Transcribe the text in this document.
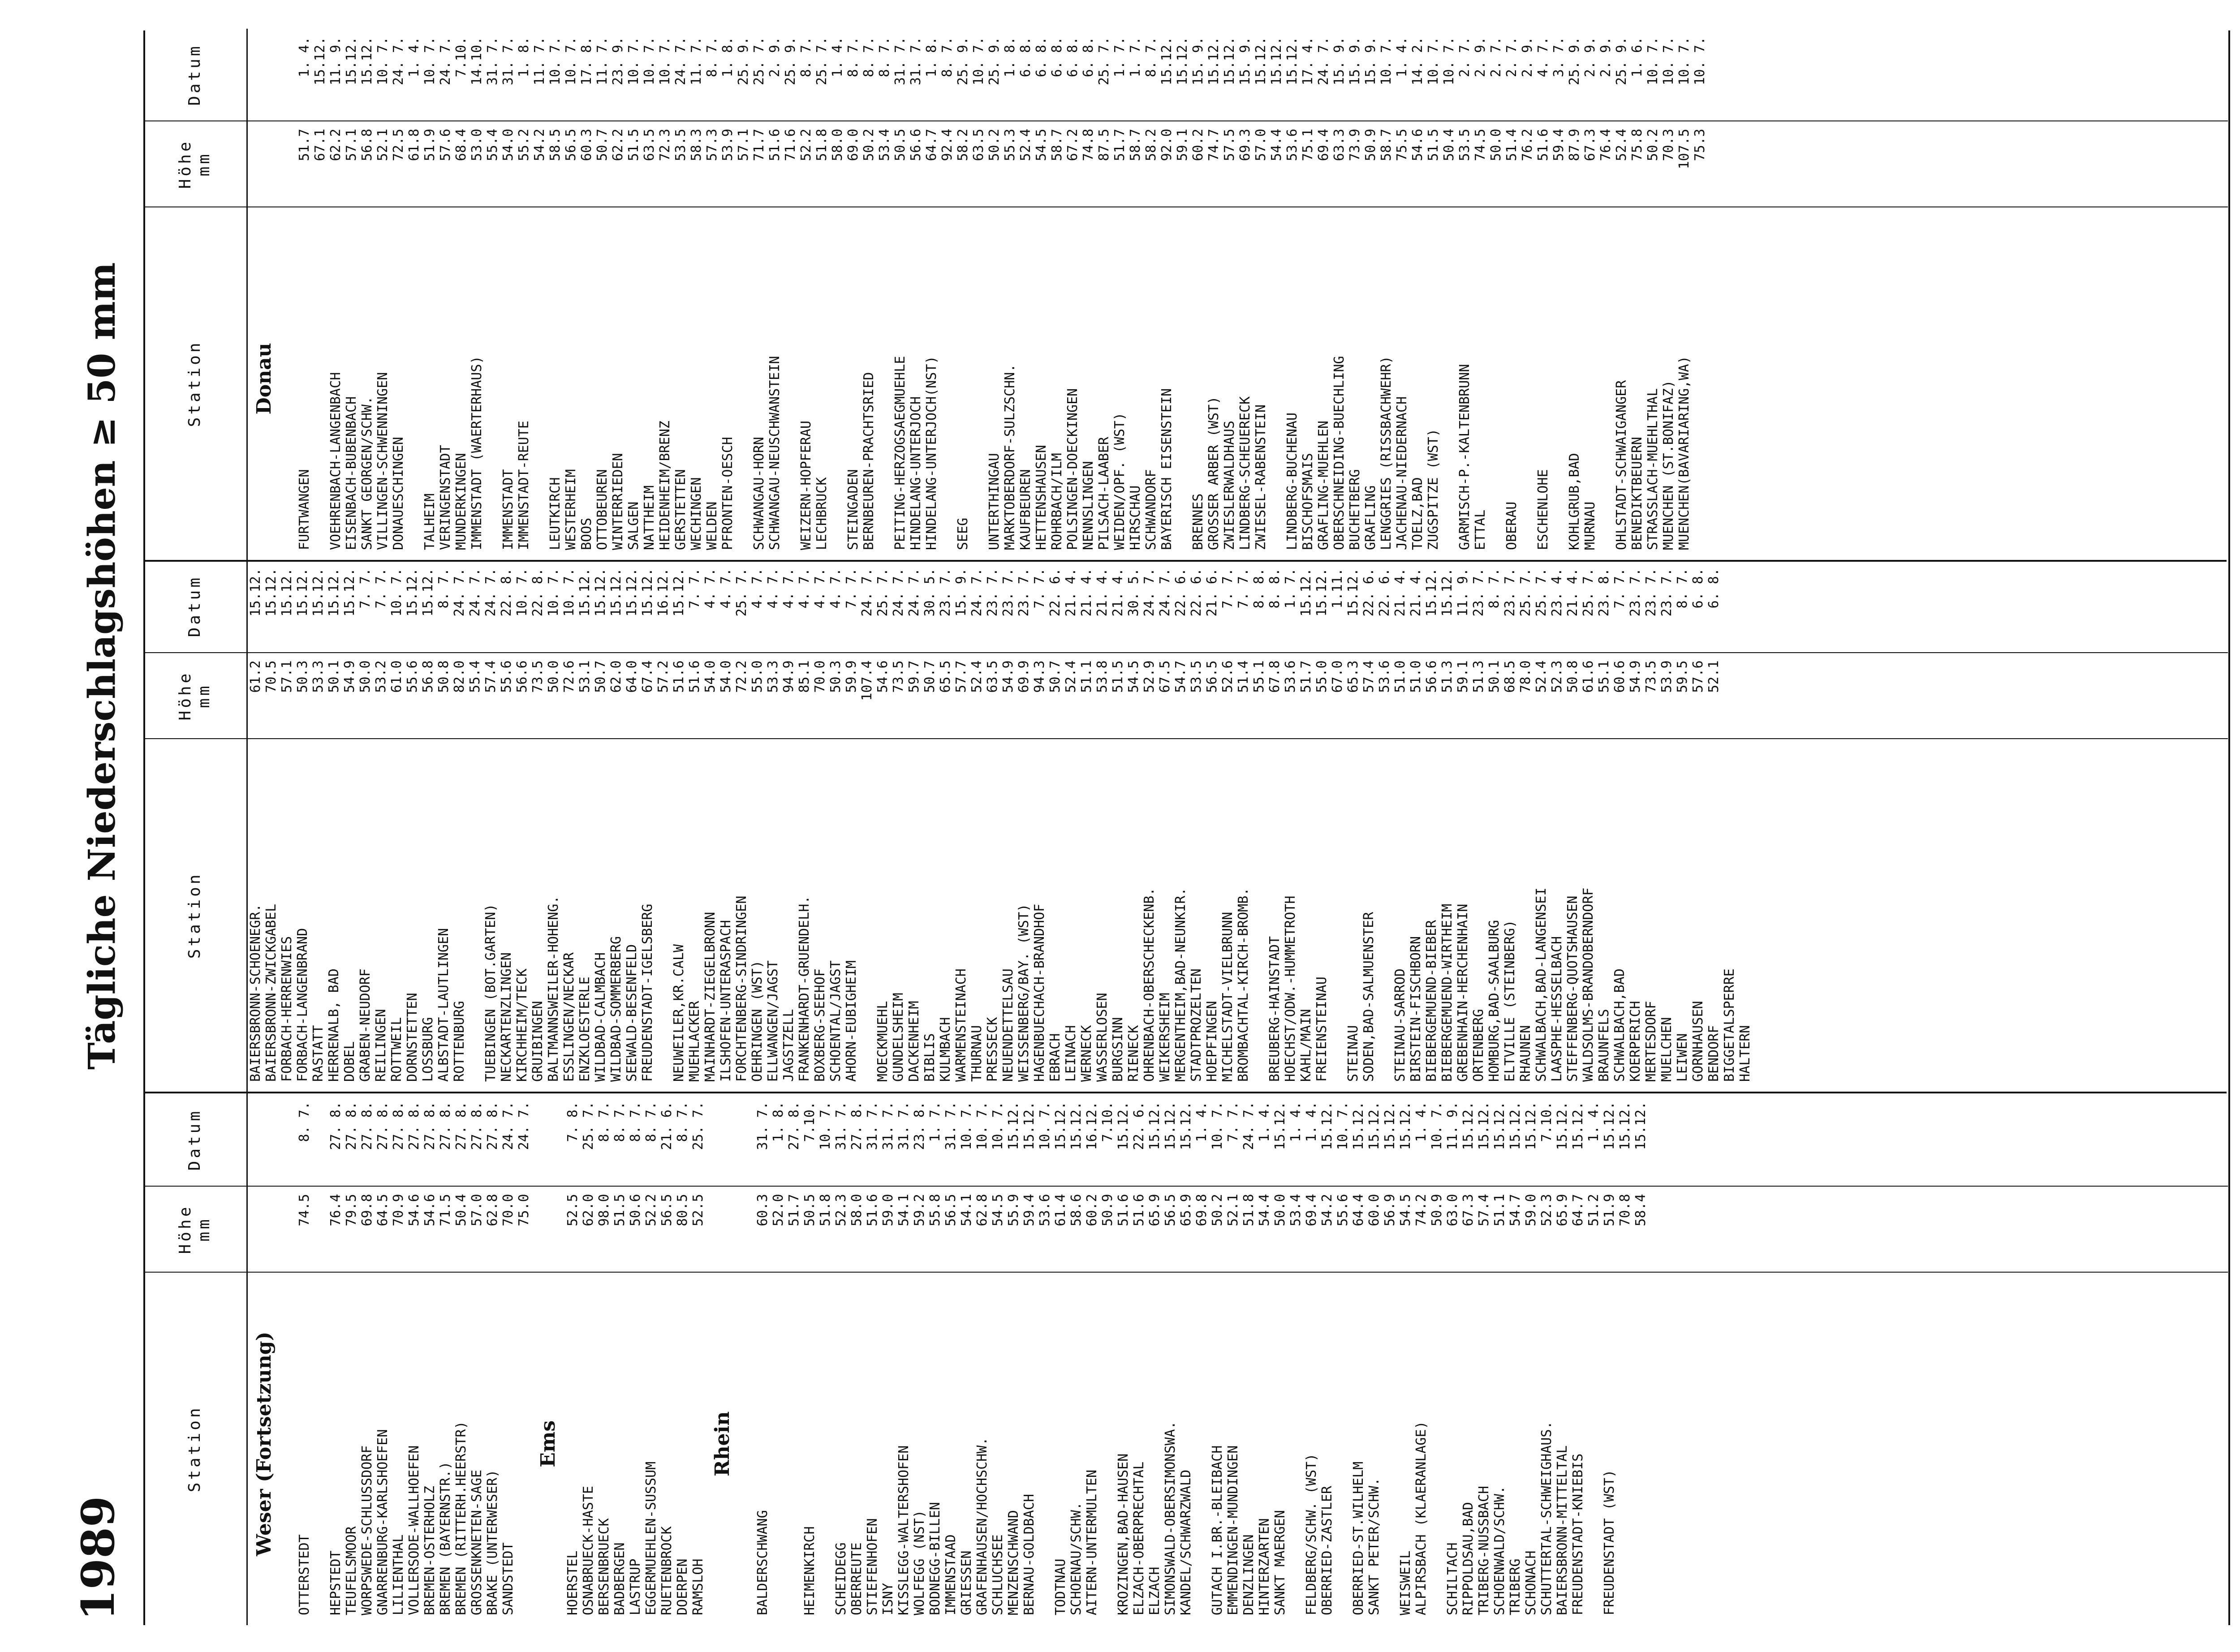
1989
Tägliche Niederschlagshöhen ≥ 50 mm
Station
Höhe mm
Datum
Weser (Fortsetzung)
OTTERSTEDT HEPSTEDT TEUFELSMOOR WORPSWEDE-SCHLUSSDORF GNARRENBURG-KARLSHOEFEN LILIENTHAL VOLLERSODE-WALLHOEFEN BREMEN-OSTERHOLZ BREMEN (BAYERNSTR.) BREMEN (RITTERH.HEERSTR) GROSSENKNETEN-SAGE BRAKE (UNTERWESER) SANDSTEDT
Ems
HOERSTEL OSNABRUECK-HASTE BERSENBRUECK BADBERGEN LASTRUP EGGERMUEHLEN-SUSSUM RUETENBROCK DOERPEN RAMSLOH
Rhein
BALDERSCHWANG HEIMENKIRCH SCHEIDEGG OBERREUTE STIEFENHOFEN ISNY KISSLEGG-WALTERSHOFEN WOLFEGG (NST) BODNEGG-BILLEN IMMENSTAAD GRIESSEN GRAFENHAUSEN/HOCHSCHW. SCHLUCHSEE MENZENSCHWAND BERNAU-GOLDBACH TODTNAU SCHOENAU/SCHW. AITERN-UNTERMULTEN KROZINGEN,BAD-HAUSEN ELZACH-OBERPRECHTAL ELZACH SIMONSWALD-OBERSIMONSWA. KANDEL/SCHWARZWALD GUTACH I.BR.-BLEIBACH EMMENDINGEN-MUNDINGEN DENZLINGEN HINTERZARTEN SANKT MAERGEN FELDBERG/SCHW. (WST) OBERRIED-ZASTLER OBERRIED-ST.WILHELM SANKT PETER/SCHW. WEISWEIL ALPIRSBACH (KLAERANLAGE) SCHILTACH RIPPOLDSAU,BAD TRIBERG-NUSSBACH SCHOENWALD/SCHW. TRIBERG SCHONACH SCHUTTERTAL-SCHWEIGHAUS. BAIERSBRONN-MITTELTAL FREUDENSTADT-KNIEBIS FREUDENSTADT (WST)
74.5 76.4 79.5 69.8 64.5 70.9 54.6 54.6 71.5 50.4 57.0 62.8 70.0 75.0 52.5 62.0 98.0 51.5 50.6 52.2 56.5 80.5 52.5	60.3 52.0 51.7 50.5 51.8 52.3 58.0 51.6 59.0 54.1 59.2 55.8 56.5 54.1 62.8 54.5 55.9 59.4 53.6 61.4 58.6 60.2 50.9 51.6 51.6 65.9 56.5 65.9 69.8 50.2 52.1 51.8 54.4 50.0 53.4 69.4 54.2 55.6 64.4 60.0 56.9 54.5 74.2 50.9 63.0 67.3 57.4 51.1 54.7 59.0 52.3 65.9 64.7 51.2 51.9 70.8 58.4
8. 7. 27. 8. 27. 8. 27. 8. 27. 8. 27. 8. 27. 8. 27. 8. 27. 8. 27. 8. 27. 8. 27. 8. 24. 7. 24. 7. 7. 8. 25. 7. 8. 7. 8. 7. 8. 7. 8. 7. 21. 6. 8. 7. 25. 7.	31. 7. 1. 8. 27. 8. 7.10. 10. 7. 31. 7. 27. 8. 31. 7. 31. 7. 31. 7. 23. 8. 1. 7. 31. 7. 10. 7. 10. 7. 10. 7. 15.12. 15.12. 10. 7. 15.12. 15.12. 16.12. 7.10. 15.12. 22. 6. 15.12. 15.12. 15.12. 1. 4. 10. 7. 7. 7. 24. 7. 1. 4. 15.12. 1. 4. 1. 4. 15.12. 10. 7. 15.12. 15.12. 15.12. 15.12. 1. 4. 10. 7. 11. 9. 15.12. 15.12. 15.12. 15.12. 15.12. 7.10. 15.12. 15.12. 1. 4. 15.12. 15.12. 15.12.
Station
Höhe mm
Datum
BAIERSBRONN-SCHOENEGR. BAIERSBRONN-ZWICKGABEL FORBACH-HERRENWIES FORBACH-LANGENBRAND RASTATT HERRENALB, BAD DOBEL GRABEN-NEUDORF REILINGEN ROTTWEIL DORNSTETTEN LOSSBURG ALBSTADT-LAUTLINGEN ROTTENBURG TUEBINGEN (BOT.GARTEN) NECKARTENZLINGEN KIRCHHEIM/TECK GRUIBINGEN BALTMANNSWEILER-HOHENG. ESSLINGEN/NECKAR ENZKLOESTERLE WILDBAD-CALMBACH WILDBAD-SOMMERBERG SEEWALD-BESENFELD FREUDENSTADT-IGELSBERG NEUWEILER,KR.CALW MUEHLACKER MAINHARDT-ZIEGELBRONN ILSHOFEN-UNTERASPACH FORCHTENBERG-SINDRINGEN OEHRINGEN (WST) ELLWANGEN/JAGST JAGSTZELL FRANKENHARDT-GRUENDELH. BOXBERG-SEEHOF SCHOENTAL/JAGST AHORN-EUBIGHEIM MOECKMUEHL GUNDELSHEIM DACKENHEIM BIBLIS KULMBACH WARMENSTEINACH THURNAU PRESSECK NEUENDETTELSAU WEISSENBERG/BAY. (WST) HAGENBUECHACH-BRANDHOF EBRACH LEINACH WERNECK WASSERLOSEN BURGSINN RIENECK OHRENBACH-OBERSCHECKENB. WEIKERSHEIM MERGENTHEIM,BAD-NEUNKIR. STADTPROZELTEN HOEPFINGEN MICHELSTADT-VIELBRUNN BROMBACHTAL-KIRCH-BROMB. BREUBERG-HAINSTADT HOECHST/ODW.-HUMMETROTH KAHL/MAIN FREIENSTEINAU STEINAU SODEN,BAD-SALMUENSTER STEINAU-SARROD BIRSTEIN-FISCHBORN BIEBERGEMUEND-BIEBER BIEBERGEMUEND-WIRTHEIM GREBENHAIN-HERCHENHAIN ORTENBERG HOMBURG,BAD-SAALBURG ELTVILLE (STEINBERG) RHAUNEN SCHWALBACH,BAD-LANGENSEI LAASPHE-HESSELBACH STEFFENBERG-QUOTSHAUSEN WALDSOLMS-BRANDOBERNDORF BRAUNFELS SCHWALBACH,BAD KOERPERICH MERTESDORF MUELCHEN LEIWEN GORNHAUSEN BENDORF BIGGETALSPERRE HALTERN
61.2 70.5 57.1 50.3 53.3 50.1 54.9 50.0 53.2 61.0 55.6 56.8 50.8 82.0 55.4 57.4 55.6 56.6 73.5 50.0 72.6 53.1 50.7 62.0 64.0 67.4 57.2 51.6 51.6 54.0 54.0 72.2 55.0 53.3 94.9 85.1 70.0 50.3 59.9 107.4 54.6 73.5 59.7 50.7 65.5 57.7 52.4 63.5 54.9 69.9 94.3 50.7 52.4 51.1 53.8 51.5 54.5 52.9 67.5 54.7 53.5 56.5 52.6 51.4 55.1 67.8 53.6 51.7 55.0 67.0 65.3 57.4 53.6 51.0 51.0 56.6 51.3 59.1 51.3 50.1 68.5 78.0 52.4 52.3 50.8 61.6 55.1 60.6 54.9 73.5 53.9 59.5 57.6 52.1
15.12. 15.12. 15.12. 15.12. 15.12. 15.12. 15.12. 7. 7. 7. 7. 10. 7. 15.12. 15.12. 8. 7. 24. 7. 24. 7. 24. 7. 22. 8. 10. 7. 22. 8. 10. 7. 10. 7. 15.12. 15.12. 15.12. 15.12. 15.12. 16.12. 15.12. 7. 7. 4. 7. 4. 7. 25. 7. 4. 7. 4. 7. 4. 7. 4. 7. 4. 7. 4. 7. 7. 7. 24. 7. 25. 7. 24. 7. 24. 7. 30. 5. 23. 7. 15. 9. 24. 7. 23. 7. 23. 7. 23. 7. 7. 7. 22. 6. 21. 4. 21. 4. 21. 4. 21. 4. 30. 5. 24. 7. 24. 7. 22. 6. 22. 6. 21. 6. 7. 7. 7. 7. 8. 8. 8. 8. 1. 7. 15.12. 15.12. 1.11. 15.12. 22. 6. 22. 6. 21. 4. 21. 4. 15.12. 15.12. 11. 9. 23. 7. 8. 7. 23. 7. 25. 7. 25. 7. 23. 4. 21. 4. 25. 7. 23. 8. 7. 7. 23. 7. 23. 7. 23. 7. 8. 7. 6. 8. 6. 8.
Station
Höhe mm
Datum
Donau
FURTWANGEN VOEHRENBACH-LANGENBACH EISENBACH-BUBENBACH SANKT GEORGEN/SCHW. VILLINGEN-SCHWENNINGEN DONAUESCHINGEN TALHEIM VERINGENSTADT MUNDERKINGEN IMMENSTADT (WAERTERHAUS) IMMENSTADT IMMENSTADT-REUTE LEUTKIRCH WESTERHEIM BOOS OTTOBEUREN WINTERRIEDEN SALGEN NATTHEIM HEIDENHEIM/BRENZ GERSTETTEN WECHINGEN WELDEN PFRONTEN-OESCH SCHWANGAU-HORN SCHWANGAU-NEUSCHWANSTEIN WEIZERN-HOPFERAU LECHBRUCK STEINGADEN BERNBEUREN-PRACHTSRIED PEITING-HERZOGSAEGMUEHLE HINDELANG-UNTERJOCH HINDELANG-UNTERJOCH(NST) SEEG UNTERTHINGAU MARKTOBERDORF-SULZSCHN. KAUFBEUREN HETTENSHAUSEN ROHRBACH/ILM POLSINGEN-DOECKINGEN NENNSLINGEN PILSACH-LAABER WEIDEN/OPF. (WST) HIRSCHAU SCHWANDORF BAYERISCH EISENSTEIN BRENNES GROSSER ARBER (WST) ZWIESLERWALDHAUS LINDBERG-SCHEUERECK ZWIESEL-RABENSTEIN LINDBERG-BUCHENAU BISCHOFSMAIS GRAFLING-MUEHLEN OBERSCHNEIDING-BUECHLING BUCHETBERG GRAFLING LENGGRIES (RISSBACHWEHR) JACHENAU-NIEDERNACH TOELZ,BAD ZUGSPITZE (WST) GARMISCH-P.-KALTENBRUNN ETTAL OBERAU ESCHENLOHE KOHLGRUB,BAD MURNAU OHLSTADT-SCHWAIGANGER BENEDIKTBEUERN STRASSLACH-MUEHLTHAL MUENCHEN (ST.BONIFAZ) MUENCHEN(BAVARIARING,WA)
51.7 67.1 62.2 57.1 56.8 52.1 72.5 61.8 51.9 57.6 68.4 53.0 55.4 54.0 55.2 54.2 58.5 56.5 60.3 50.7 62.2 51.5 63.5 72.3 53.5 58.3 57.3 53.9 57.1 71.7 51.6 71.6 52.2 51.8 58.0 69.0 50.2 53.4 50.5 56.6 64.7 92.4 58.2 63.5 50.2 55.3 52.4 54.5 58.7 67.2 74.8 87.5 51.7 58.7 58.2 92.0 59.1 60.2 74.7 57.5 69.3 57.0 54.4 53.6 75.1 69.4 63.3 73.9 50.9 58.7 75.5 54.6 51.5 50.4 53.5 74.5 50.0 51.4 76.2 51.6 59.4 87.9 67.3 76.4 52.4 75.8 50.2 70.3 107.5 75.3
1. 4. 15.12. 11. 9. 15.12. 15.12. 10. 7. 24. 7. 1. 4. 10. 7. 24. 7. 7.10. 14.10. 31. 7. 31. 7. 1. 8. 11. 7. 10. 7. 10. 7. 17. 8. 11. 7. 23. 9. 10. 7. 10. 7. 10. 7. 24. 7. 11. 7. 8. 7. 1. 8. 25. 9. 25. 7. 2. 9. 25. 9. 8. 7. 25. 7. 1. 4. 8. 7. 8. 7. 8. 7. 31. 7. 31. 7. 1. 8. 8. 7. 25. 9. 10. 7. 25. 9. 1. 8. 6. 8. 6. 8. 6. 8. 6. 8. 6. 8. 25. 7. 1. 7. 1. 7. 8. 7. 15.12. 15.12. 15. 9. 15.12. 15.12. 15. 9. 15.12. 15.12. 15.12. 17. 4. 24. 7. 15. 9. 15. 9. 15. 9. 10. 7. 1. 4. 14. 2. 10. 7. 10. 7. 2. 7. 2. 9. 2. 7. 2. 7. 2. 9. 4. 7. 3. 7. 25. 9. 2. 9. 2. 9. 25. 9. 1. 6. 10. 7. 10. 7. 10. 7. 10. 7.
